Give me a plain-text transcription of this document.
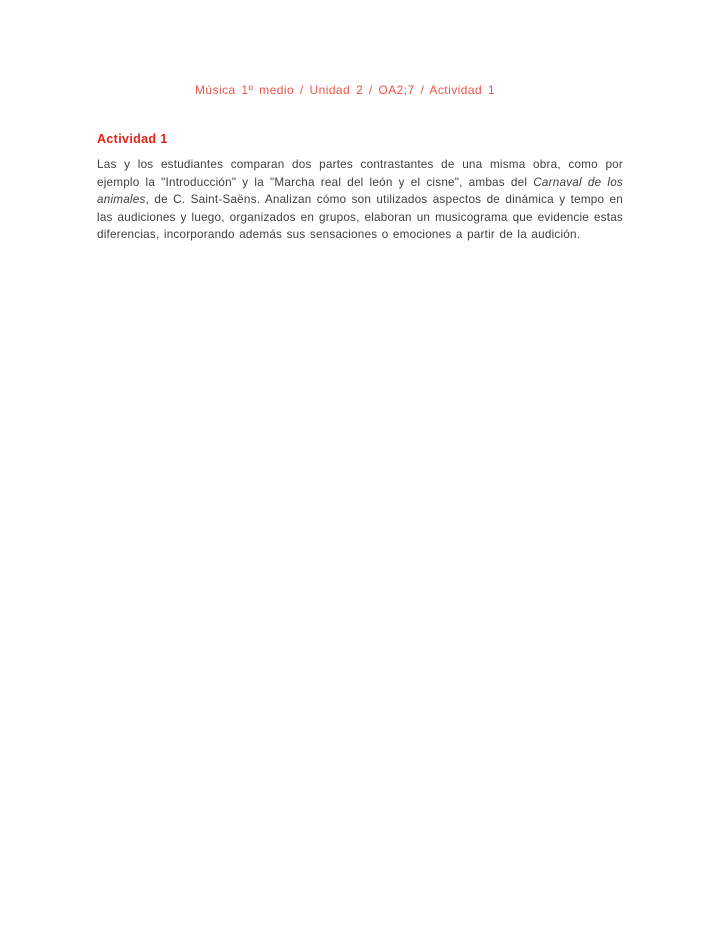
Música 1º medio / Unidad 2 / OA2;7 / Actividad 1
Actividad 1

Las y los estudiantes comparan dos partes contrastantes de una misma obra, como por ejemplo la "Introducción" y la "Marcha real del león y el cisne", ambas del Carnaval de los animales, de C. Saint-Saëns. Analizan cómo son utilizados aspectos de dinámica y tempo en las audiciones y luego, organizados en grupos, elaboran un musicograma que evidencie estas diferencias, incorporando además sus sensaciones o emociones a partir de la audición.
